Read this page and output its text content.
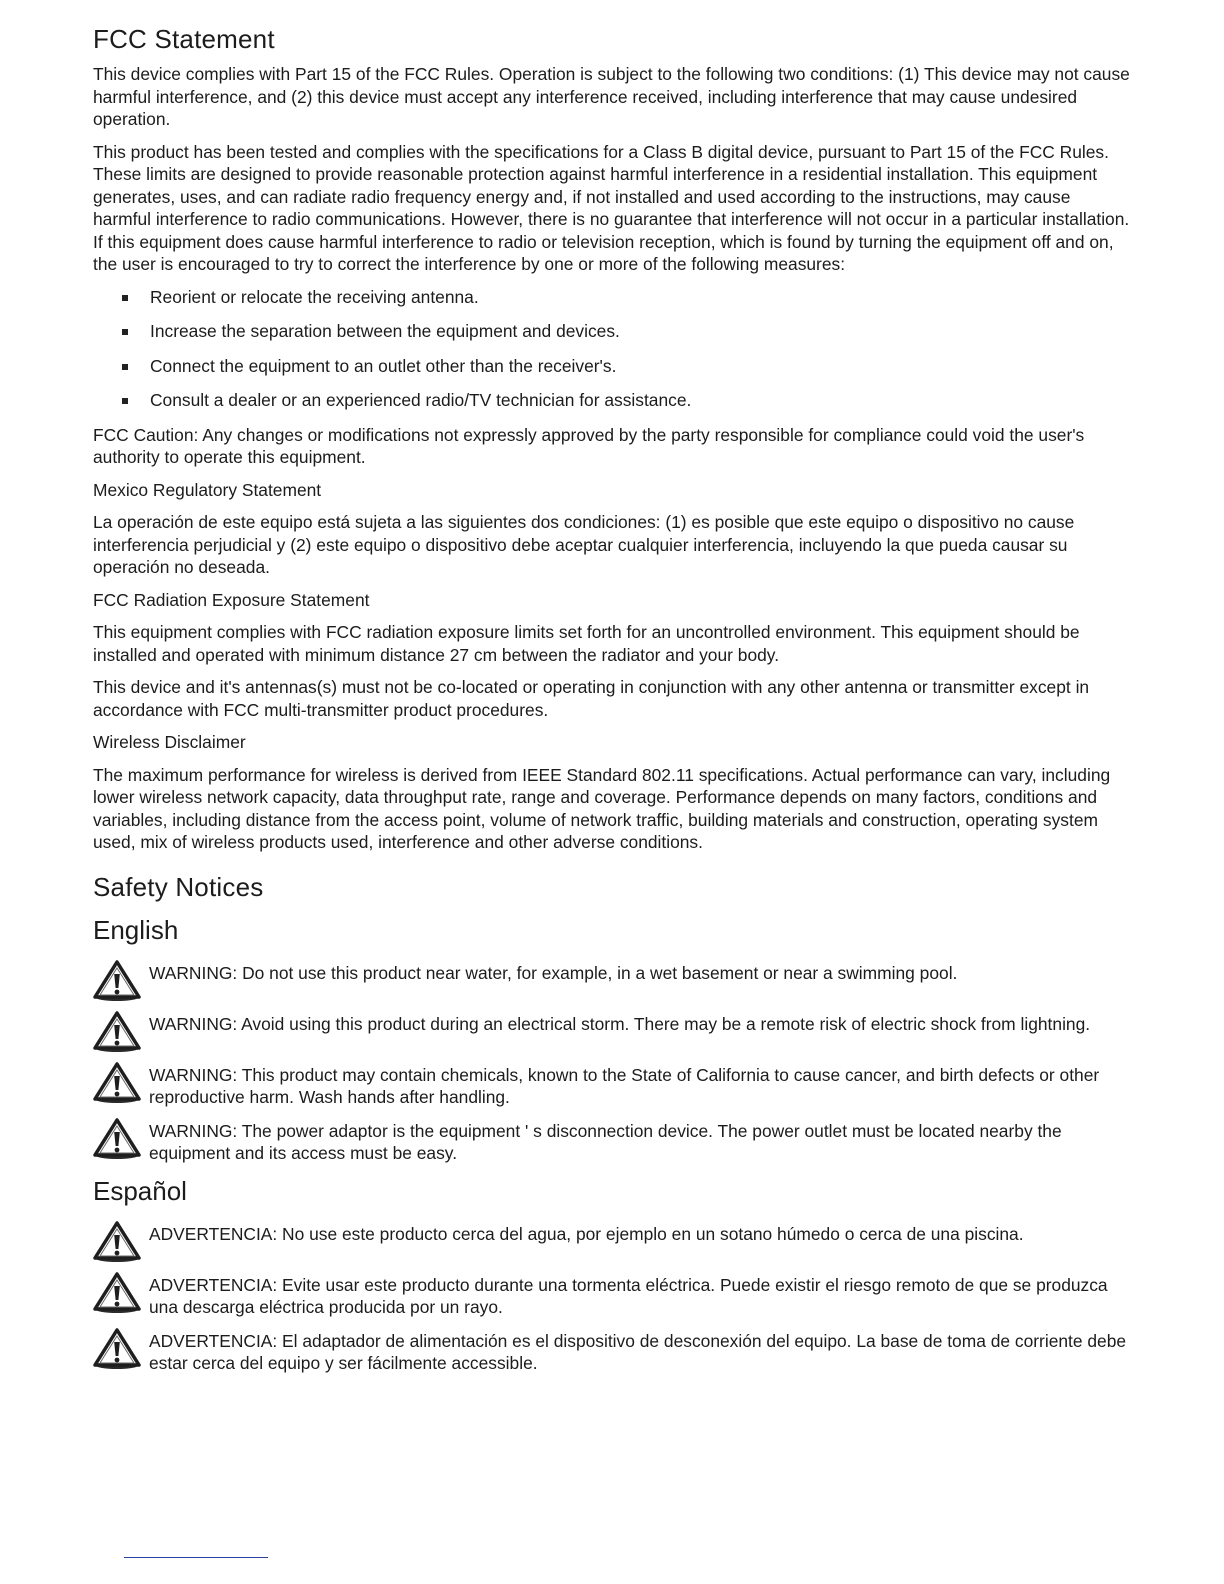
FCC Statement

This device complies with Part 15 of the FCC Rules. Operation is subject to the following two conditions: (1) This device may not cause harmful interference, and (2) this device must accept any interference received, including interference that may cause undesired operation.

This product has been tested and complies with the specifications for a Class B digital device, pursuant to Part 15 of the FCC Rules. These limits are designed to provide reasonable protection against harmful interference in a residential installation. This equipment generates, uses, and can radiate radio frequency energy and, if not installed and used according to the instructions, may cause harmful interference to radio communications. However, there is no guarantee that interference will not occur in a particular installation. If this equipment does cause harmful interference to radio or television reception, which is found by turning the equipment off and on, the user is encouraged to try to correct the interference by one or more of the following measures:

Reorient or relocate the receiving antenna.
Increase the separation between the equipment and devices.
Connect the equipment to an outlet other than the receiver's.
Consult a dealer or an experienced radio/TV technician for assistance.

FCC Caution: Any changes or modifications not expressly approved by the party responsible for compliance could void the user's authority to operate this equipment.

Mexico Regulatory Statement

La operación de este equipo está sujeta a las siguientes dos condiciones: (1) es posible que este equipo o dispositivo no cause interferencia perjudicial y (2) este equipo o dispositivo debe aceptar cualquier interferencia, incluyendo la que pueda causar su operación no deseada.

FCC Radiation Exposure Statement

This equipment complies with FCC radiation exposure limits set forth for an uncontrolled environment. This equipment should be installed and operated with minimum distance 27 cm between the radiator and your body.

This device and it's antennas(s) must not be co-located or operating in conjunction with any other antenna or transmitter except in accordance with FCC multi-transmitter product procedures.

Wireless Disclaimer

The maximum performance for wireless is derived from IEEE Standard 802.11 specifications. Actual performance can vary, including lower wireless network capacity, data throughput rate, range and coverage. Performance depends on many factors, conditions and variables, including distance from the access point, volume of network traffic, building materials and construction, operating system used, mix of wireless products used, interference and other adverse conditions.

Safety Notices
English
WARNING: Do not use this product near water, for example, in a wet basement or near a swimming pool.
WARNING: Avoid using this product during an electrical storm. There may be a remote risk of electric shock from lightning.
WARNING: This product may contain chemicals, known to the State of California to cause cancer, and birth defects or other reproductive harm. Wash hands after handling.
WARNING: The power adaptor is the equipment ' s disconnection device. The power outlet must be located nearby the equipment and its access must be easy.
Español
ADVERTENCIA: No use este producto cerca del agua, por ejemplo en un sotano húmedo o cerca de una piscina.
ADVERTENCIA: Evite usar este producto durante una tormenta eléctrica. Puede existir el riesgo remoto de que se produzca una descarga eléctrica producida por un rayo.
ADVERTENCIA: El adaptador de alimentación es el dispositivo de desconexión del equipo. La base de toma de corriente debe estar cerca del equipo y ser fácilmente accessible.
